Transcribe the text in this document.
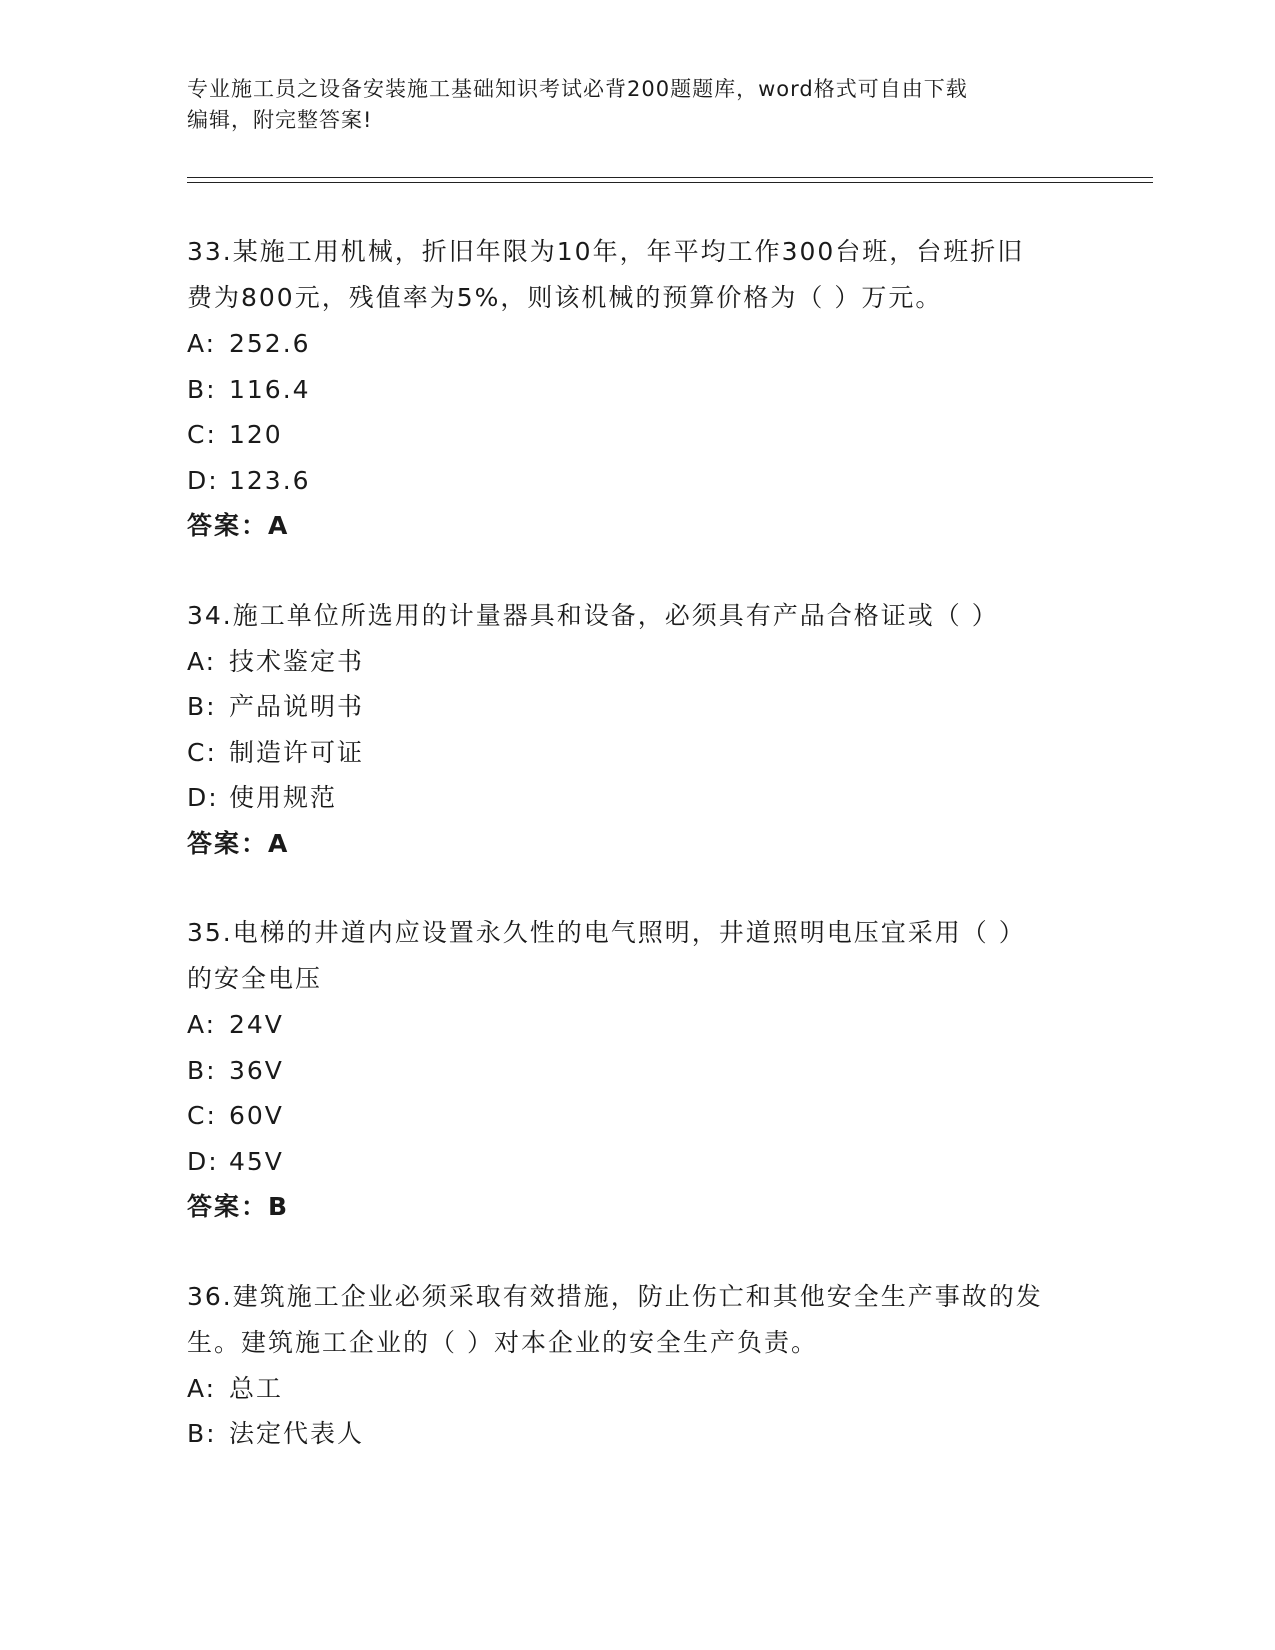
专业施工员之设备安装施工基础知识考试必背200题题库，word格式可自由下载
编辑，附完整答案!
33.某施工用机械，折旧年限为10年，年平均工作300台班，台班折旧费为800元，残值率为5%，则该机械的预算价格为（ ）万元。
A: 252.6
B: 116.4
C: 120
D: 123.6
答案：A
34.施工单位所选用的计量器具和设备，必须具有产品合格证或（ ）
A: 技术鉴定书
B: 产品说明书
C: 制造许可证
D: 使用规范
答案：A
35.电梯的井道内应设置永久性的电气照明，井道照明电压宜采用（ ）的安全电压
A: 24V
B: 36V
C: 60V
D: 45V
答案：B
36.建筑施工企业必须采取有效措施，防止伤亡和其他安全生产事故的发生。建筑施工企业的（ ）对本企业的安全生产负责。
A: 总工
B: 法定代表人
